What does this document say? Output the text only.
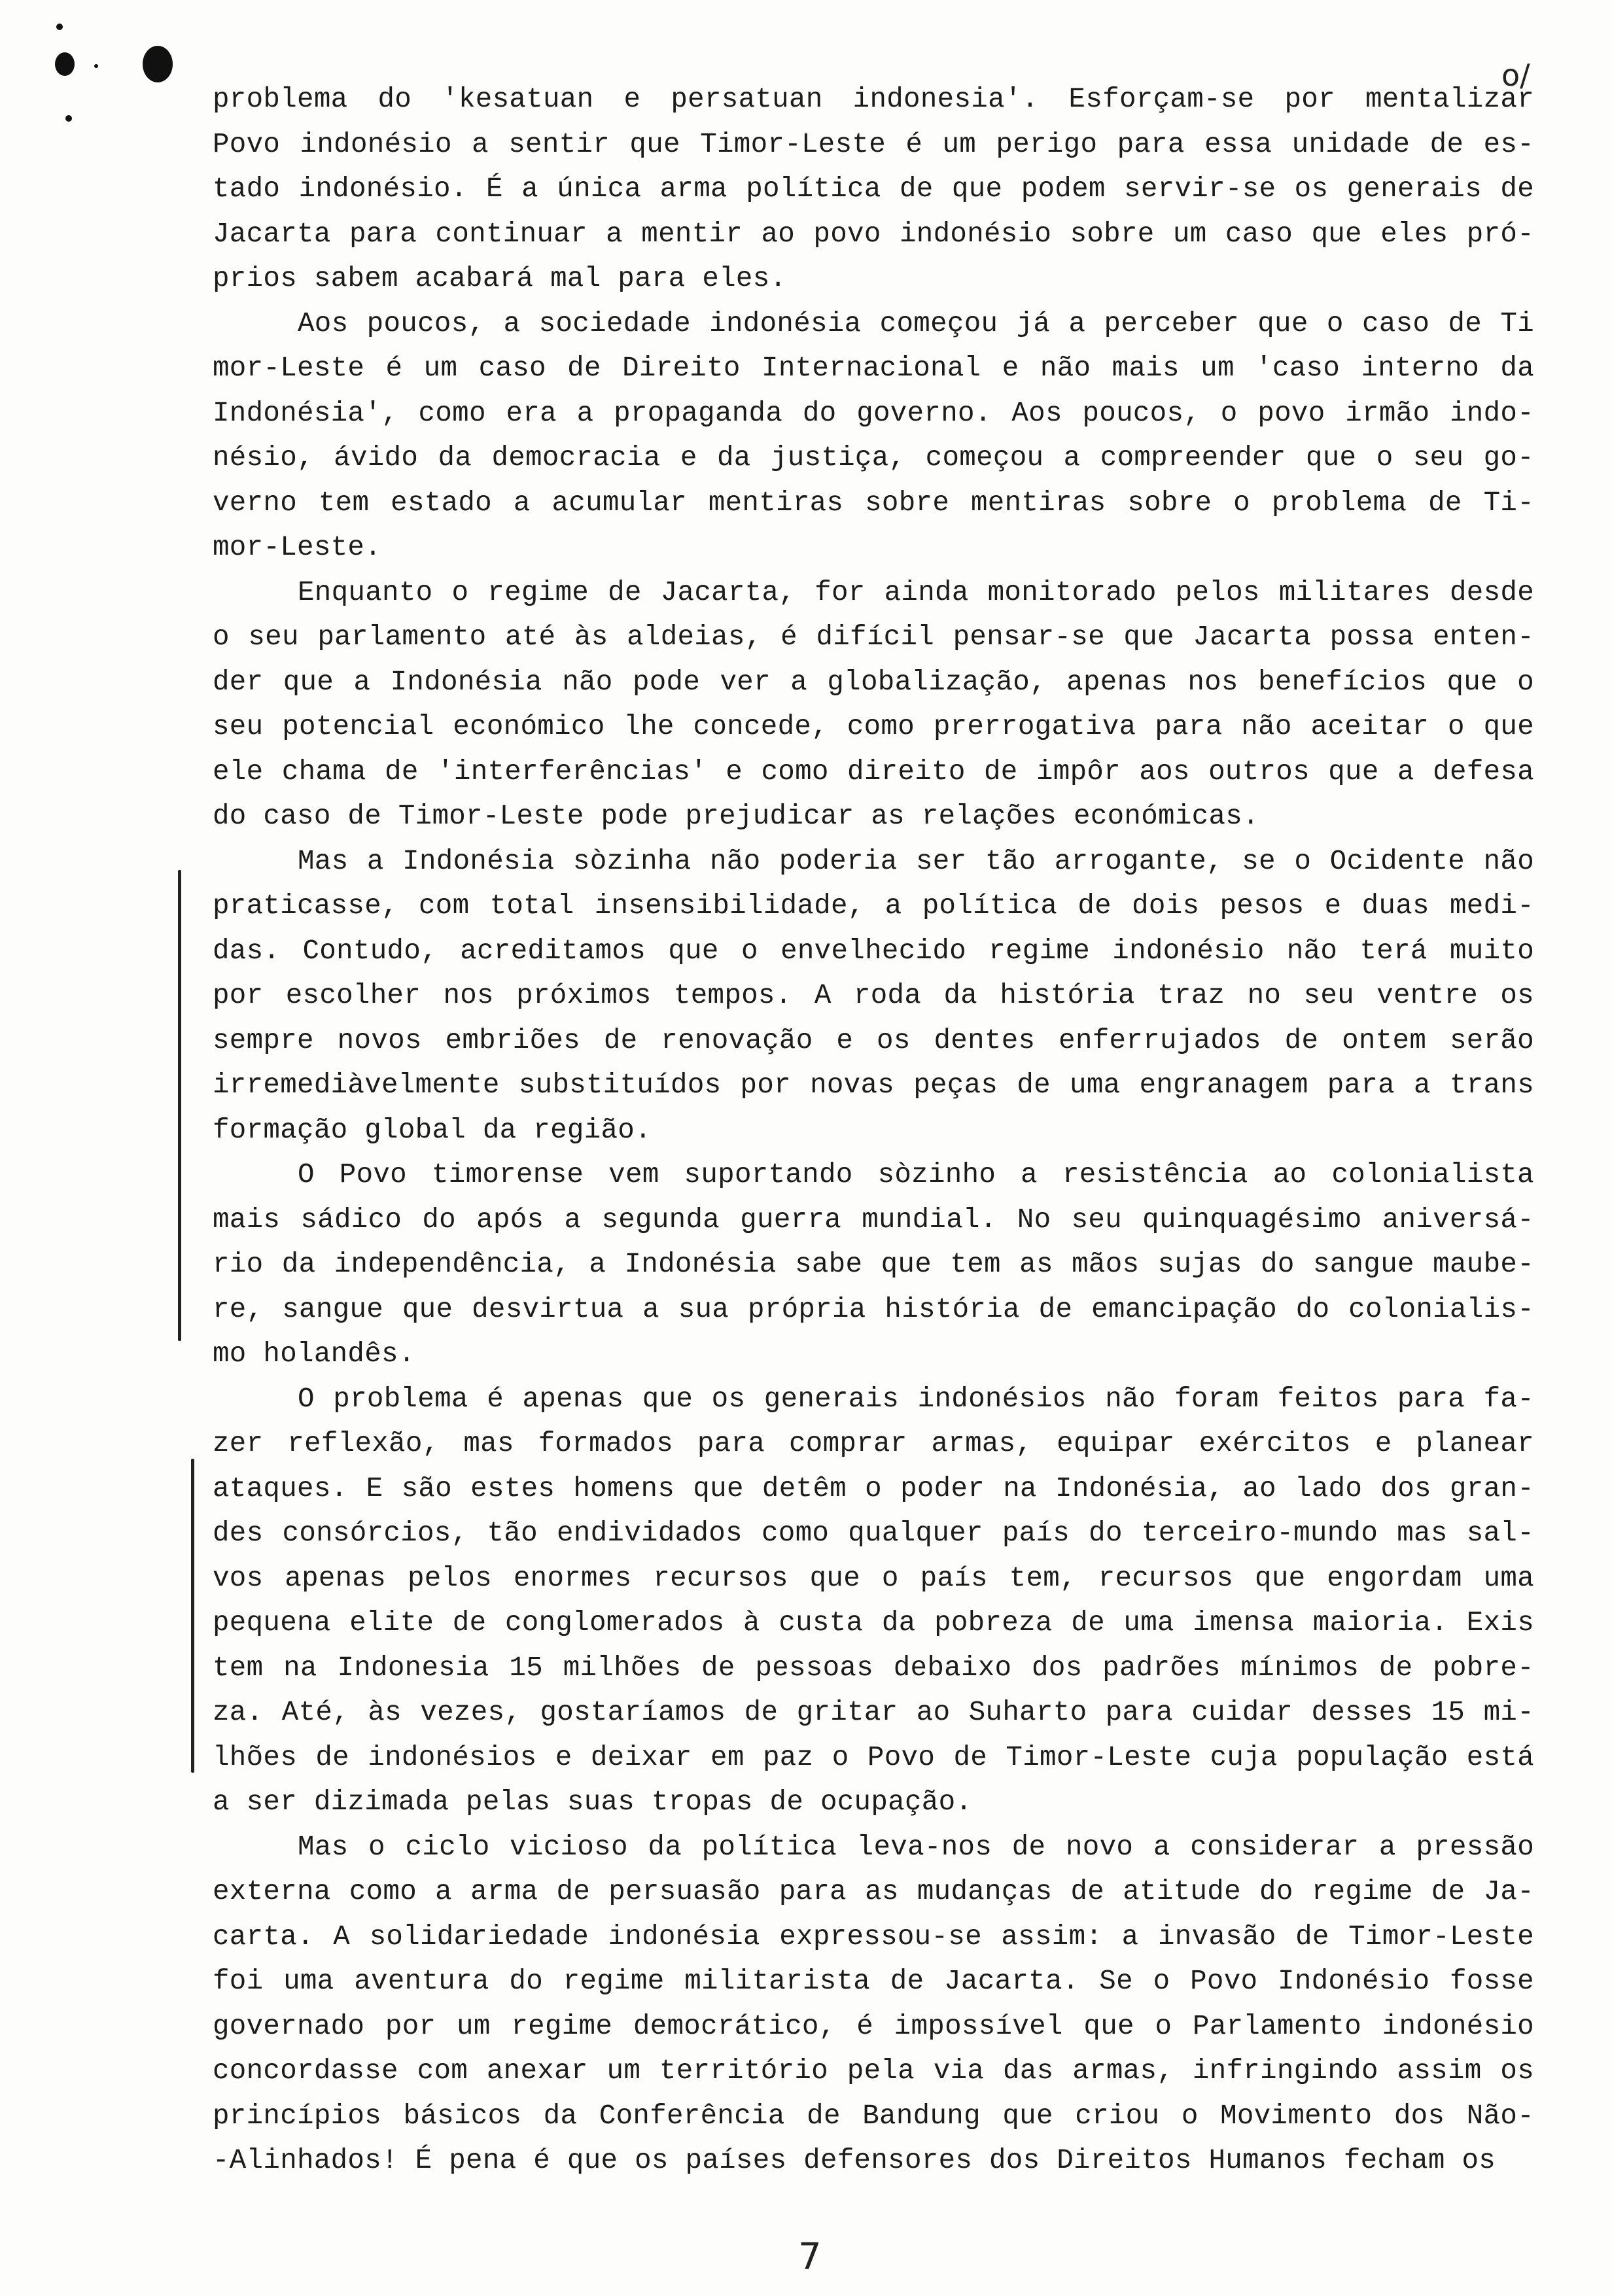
o/
problema do 'kesatuan e persatuan indonesia'. Esforçam-se por mentalizar
Povo indonésio a sentir que Timor-Leste é um perigo para essa unidade de es-
tado indonésio. É a única arma política de que podem servir-se os generais de
Jacarta para continuar a mentir ao povo indonésio sobre um caso que eles pró-
prios sabem acabará mal para eles.
Aos poucos, a sociedade indonésia começou já a perceber que o caso de Ti
mor-Leste é um caso de Direito Internacional e não mais um 'caso interno da
Indonésia', como era a propaganda do governo. Aos poucos, o povo irmão indo-
nésio, ávido da democracia e da justiça, começou a compreender que o seu go-
verno tem estado a acumular mentiras sobre mentiras sobre o problema de Ti-
mor-Leste.
Enquanto o regime de Jacarta, for ainda monitorado pelos militares desde
o seu parlamento até às aldeias, é difícil pensar-se que Jacarta possa enten-
der que a Indonésia não pode ver a globalização, apenas nos benefícios que o
seu potencial económico lhe concede, como prerrogativa para não aceitar o que
ele chama de 'interferências' e como direito de impôr aos outros que a defesa
do caso de Timor-Leste pode prejudicar as relações económicas.
Mas a Indonésia sòzinha não poderia ser tão arrogante, se o Ocidente não
praticasse, com total insensibilidade, a política de dois pesos e duas medi-
das. Contudo, acreditamos que o envelhecido regime indonésio não terá muito
por escolher nos próximos tempos. A roda da história traz no seu ventre os
sempre novos embriões de renovação e os dentes enferrujados de ontem serão
irremediàvelmente substituídos por novas peças de uma engranagem para a trans
formação global da região.
O Povo timorense vem suportando sòzinho a resistência ao colonialista
mais sádico do após a segunda guerra mundial. No seu quinquagésimo aniversá-
rio da independência, a Indonésia sabe que tem as mãos sujas do sangue maube-
re, sangue que desvirtua a sua própria história de emancipação do colonialis-
mo holandês.
O problema é apenas que os generais indonésios não foram feitos para fa-
zer reflexão, mas formados para comprar armas, equipar exércitos e planear
ataques. E são estes homens que detêm o poder na Indonésia, ao lado dos gran-
des consórcios, tão endividados como qualquer país do terceiro-mundo mas sal-
vos apenas pelos enormes recursos que o país tem, recursos que engordam uma
pequena elite de conglomerados à custa da pobreza de uma imensa maioria. Exis
tem na Indonesia 15 milhões de pessoas debaixo dos padrões mínimos de pobre-
za. Até, às vezes, gostaríamos de gritar ao Suharto para cuidar desses 15 mi-
lhões de indonésios e deixar em paz o Povo de Timor-Leste cuja população está
a ser dizimada pelas suas tropas de ocupação.
Mas o ciclo vicioso da política leva-nos de novo a considerar a pressão
externa como a arma de persuasão para as mudanças de atitude do regime de Ja-
carta. A solidariedade indonésia expressou-se assim: a invasão de Timor-Leste
foi uma aventura do regime militarista de Jacarta. Se o Povo Indonésio fosse
governado por um regime democrático, é impossível que o Parlamento indonésio
concordasse com anexar um território pela via das armas, infringindo assim os
princípios básicos da Conferência de Bandung que criou o Movimento dos Não-
-Alinhados! É pena é que os países defensores dos Direitos Humanos fecham os
7
